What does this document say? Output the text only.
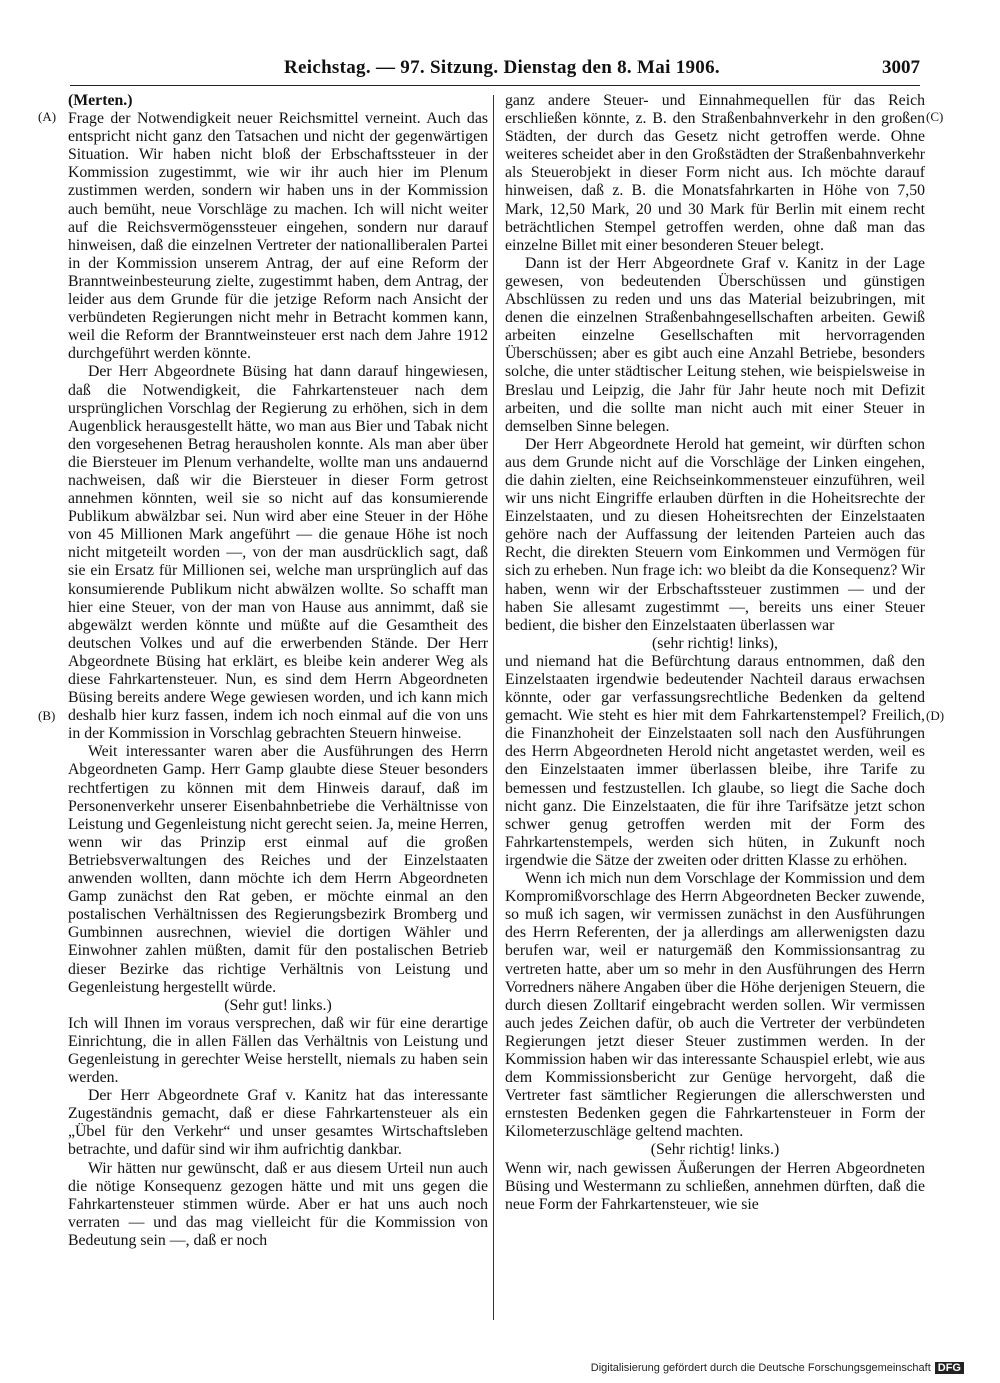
Reichstag. — 97. Sitzung. Dienstag den 8. Mai 1906.	3007
(A)
(B)
(C)
(D)

(Merten.)

Frage der Notwendigkeit neuer Reichsmittel verneint. Auch das entspricht nicht ganz den Tatsachen und nicht der gegenwärtigen Situation. Wir haben nicht bloß der Erbschaftssteuer in der Kommission zugestimmt, wie wir ihr auch hier im Plenum zustimmen werden, sondern wir haben uns in der Kommission auch bemüht, neue Vorschläge zu machen. Ich will nicht weiter auf die Reichsvermögenssteuer eingehen, sondern nur darauf hinweisen, daß die einzelnen Vertreter der nationalliberalen Partei in der Kommission unserem Antrag, der auf eine Reform der Branntweinbesteurung zielte, zugestimmt haben, dem Antrag, der leider aus dem Grunde für die jetzige Reform nach Ansicht der verbündeten Regierungen nicht mehr in Betracht kommen kann, weil die Reform der Branntweinsteuer erst nach dem Jahre 1912 durchgeführt werden könnte.

Der Herr Abgeordnete Büsing hat dann darauf hingewiesen, daß die Notwendigkeit, die Fahrkartensteuer nach dem ursprünglichen Vorschlag der Regierung zu erhöhen, sich in dem Augenblick herausgestellt hätte, wo man aus Bier und Tabak nicht den vorgesehenen Betrag herausholen konnte. Als man aber über die Biersteuer im Plenum verhandelte, wollte man uns andauernd nachweisen, daß wir die Biersteuer in dieser Form getrost annehmen könnten, weil sie so nicht auf das konsumierende Publikum abwälzbar sei. Nun wird aber eine Steuer in der Höhe von 45 Millionen Mark angeführt — die genaue Höhe ist noch nicht mitgeteilt worden —, von der man ausdrücklich sagt, daß sie ein Ersatz für Millionen sei, welche man ursprünglich auf das konsumierende Publikum nicht abwälzen wollte. So schafft man hier eine Steuer, von der man von Hause aus annimmt, daß sie abgewälzt werden könnte und müßte auf die Gesamtheit des deutschen Volkes und auf die erwerbenden Stände. Der Herr Abgeordnete Büsing hat erklärt, es bleibe kein anderer Weg als diese Fahrkartensteuer. Nun, es sind dem Herrn Abgeordneten Büsing bereits andere Wege gewiesen worden, und ich kann mich deshalb hier kurz fassen, indem ich noch einmal auf die von uns in der Kommission in Vorschlag gebrachten Steuern hinweise.

Weit interessanter waren aber die Ausführungen des Herrn Abgeordneten Gamp. Herr Gamp glaubte diese Steuer besonders rechtfertigen zu können mit dem Hinweis darauf, daß im Personenverkehr unserer Eisenbahnbetriebe die Verhältnisse von Leistung und Gegenleistung nicht gerecht seien. Ja, meine Herren, wenn wir das Prinzip erst einmal auf die großen Betriebsverwaltungen des Reiches und der Einzelstaaten anwenden wollten, dann möchte ich dem Herrn Abgeordneten Gamp zunächst den Rat geben, er möchte einmal an den postalischen Verhältnissen des Regierungsbezirk Bromberg und Gumbinnen ausrechnen, wieviel die dortigen Wähler und Einwohner zahlen müßten, damit für den postalischen Betrieb dieser Bezirke das richtige Verhältnis von Leistung und Gegenleistung hergestellt würde.

(Sehr gut! links.)

Ich will Ihnen im voraus versprechen, daß wir für eine derartige Einrichtung, die in allen Fällen das Verhältnis von Leistung und Gegenleistung in gerechter Weise herstellt, niemals zu haben sein werden.

Der Herr Abgeordnete Graf v. Kanitz hat das interessante Zugeständnis gemacht, daß er diese Fahrkartensteuer als ein „Übel für den Verkehr“ und unser gesamtes Wirtschaftsleben betrachte, und dafür sind wir ihm aufrichtig dankbar.

Wir hätten nur gewünscht, daß er aus diesem Urteil nun auch die nötige Konsequenz gezogen hätte und mit uns gegen die Fahrkartensteuer stimmen würde. Aber er hat uns auch noch verraten — und das mag vielleicht für die Kommission von Bedeutung sein —, daß er noch

ganz andere Steuer- und Einnahmequellen für das Reich erschließen könnte, z. B. den Straßenbahnverkehr in den großen Städten, der durch das Gesetz nicht getroffen werde. Ohne weiteres scheidet aber in den Großstädten der Straßenbahnverkehr als Steuerobjekt in dieser Form nicht aus. Ich möchte darauf hinweisen, daß z. B. die Monatsfahrkarten in Höhe von 7,50 Mark, 12,50 Mark, 20 und 30 Mark für Berlin mit einem recht beträchtlichen Stempel getroffen werden, ohne daß man das einzelne Billet mit einer besonderen Steuer belegt.

Dann ist der Herr Abgeordnete Graf v. Kanitz in der Lage gewesen, von bedeutenden Überschüssen und günstigen Abschlüssen zu reden und uns das Material beizubringen, mit denen die einzelnen Straßenbahngesellschaften arbeiten. Gewiß arbeiten einzelne Gesellschaften mit hervorragenden Überschüssen; aber es gibt auch eine Anzahl Betriebe, besonders solche, die unter städtischer Leitung stehen, wie beispielsweise in Breslau und Leipzig, die Jahr für Jahr heute noch mit Defizit arbeiten, und die sollte man nicht auch mit einer Steuer in demselben Sinne belegen.

Der Herr Abgeordnete Herold hat gemeint, wir dürften schon aus dem Grunde nicht auf die Vorschläge der Linken eingehen, die dahin zielten, eine Reichseinkommensteuer einzuführen, weil wir uns nicht Eingriffe erlauben dürften in die Hoheitsrechte der Einzelstaaten, und zu diesen Hoheitsrechten der Einzelstaaten gehöre nach der Auffassung der leitenden Parteien auch das Recht, die direkten Steuern vom Einkommen und Vermögen für sich zu erheben. Nun frage ich: wo bleibt da die Konsequenz? Wir haben, wenn wir der Erbschaftssteuer zustimmen — und der haben Sie allesamt zugestimmt —, bereits uns einer Steuer bedient, die bisher den Einzelstaaten überlassen war

(sehr richtig! links),

und niemand hat die Befürchtung daraus entnommen, daß den Einzelstaaten irgendwie bedeutender Nachteil daraus erwachsen könnte, oder gar verfassungsrechtliche Bedenken da geltend gemacht. Wie steht es hier mit dem Fahrkartenstempel? Freilich, die Finanzhoheit der Einzelstaaten soll nach den Ausführungen des Herrn Abgeordneten Herold nicht angetastet werden, weil es den Einzelstaaten immer überlassen bleibe, ihre Tarife zu bemessen und festzustellen. Ich glaube, so liegt die Sache doch nicht ganz. Die Einzelstaaten, die für ihre Tarifsätze jetzt schon schwer genug getroffen werden mit der Form des Fahrkartenstempels, werden sich hüten, in Zukunft noch irgendwie die Sätze der zweiten oder dritten Klasse zu erhöhen.

Wenn ich mich nun dem Vorschlage der Kommission und dem Kompromißvorschlage des Herrn Abgeordneten Becker zuwende, so muß ich sagen, wir vermissen zunächst in den Ausführungen des Herrn Referenten, der ja allerdings am allerwenigsten dazu berufen war, weil er naturgemäß den Kommissionsantrag zu vertreten hatte, aber um so mehr in den Ausführungen des Herrn Vorredners nähere Angaben über die Höhe derjenigen Steuern, die durch diesen Zolltarif eingebracht werden sollen. Wir vermissen auch jedes Zeichen dafür, ob auch die Vertreter der verbündeten Regierungen jetzt dieser Steuer zustimmen werden. In der Kommission haben wir das interessante Schauspiel erlebt, wie aus dem Kommissionsbericht zur Genüge hervorgeht, daß die Vertreter fast sämtlicher Regierungen die allerschwersten und ernstesten Bedenken gegen die Fahrkartensteuer in Form der Kilometerzuschläge geltend machten.

(Sehr richtig! links.)

Wenn wir, nach gewissen Äußerungen der Herren Abgeordneten Büsing und Westermann zu schließen, annehmen dürften, daß die neue Form der Fahrkartensteuer, wie sie

Digitalisierung gefördert durch die Deutsche Forschungsgemeinschaft DFG
